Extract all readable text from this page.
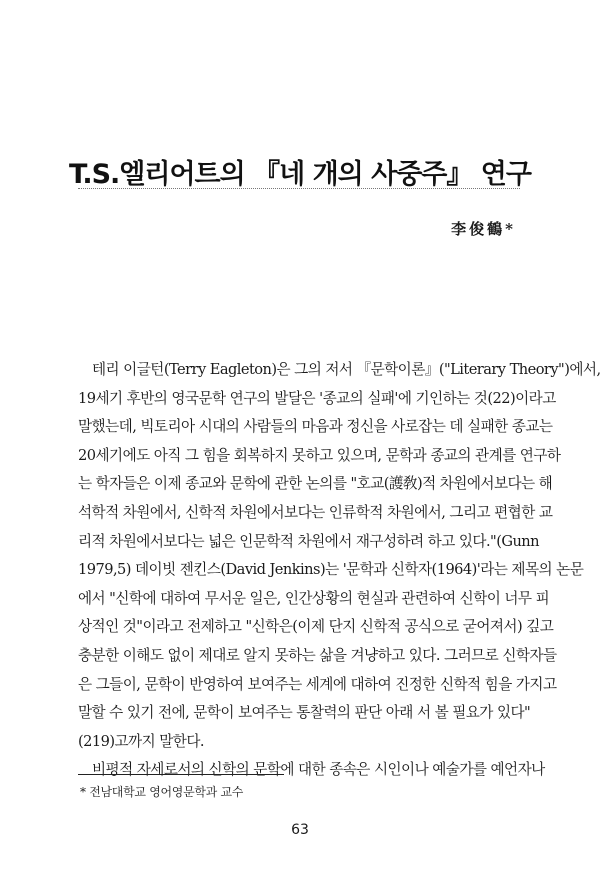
T.S.엘리어트의 『네 개의 사중주』 연구
李俊鶴*
테리 이글턴(Terry Eagleton)은 그의 저서 『문학이론』("Literary Theory")에서,
19세기 후반의 영국문학 연구의 발달은 '종교의 실패'에 기인하는 것(22)이라고
말했는데, 빅토리아 시대의 사람들의 마음과 정신을 사로잡는 데 실패한 종교는
20세기에도 아직 그 힘을 회복하지 못하고 있으며, 문학과 종교의 관계를 연구하
는 학자들은 이제 종교와 문학에 관한 논의를 "호교(護敎)적 차원에서보다는 해
석학적 차원에서, 신학적 차원에서보다는 인류학적 차원에서, 그리고 편협한 교
리적 차원에서보다는 넓은 인문학적 차원에서 재구성하려 하고 있다."(Gunn
1979,5) 데이빗 젠킨스(David Jenkins)는 '문학과 신학자(1964)'라는 제목의 논문
에서 "신학에 대하여 무서운 일은, 인간상황의 현실과 관련하여 신학이 너무 피
상적인 것"이라고 전제하고 "신학은(이제 단지 신학적 공식으로 굳어져서) 깊고
충분한 이해도 없이 제대로 알지 못하는 삶을 겨냥하고 있다. 그러므로 신학자들
은 그들이, 문학이 반영하여 보여주는 세계에 대하여 진정한 신학적 힘을 가지고
말할 수 있기 전에, 문학이 보여주는 통찰력의 판단 아래 서 볼 필요가 있다"
(219)고까지 말한다.
비평적 자세로서의 신학의 문학에 대한 종속은 시인이나 예술가를 예언자나
* 전남대학교 영어영문학과 교수
63
